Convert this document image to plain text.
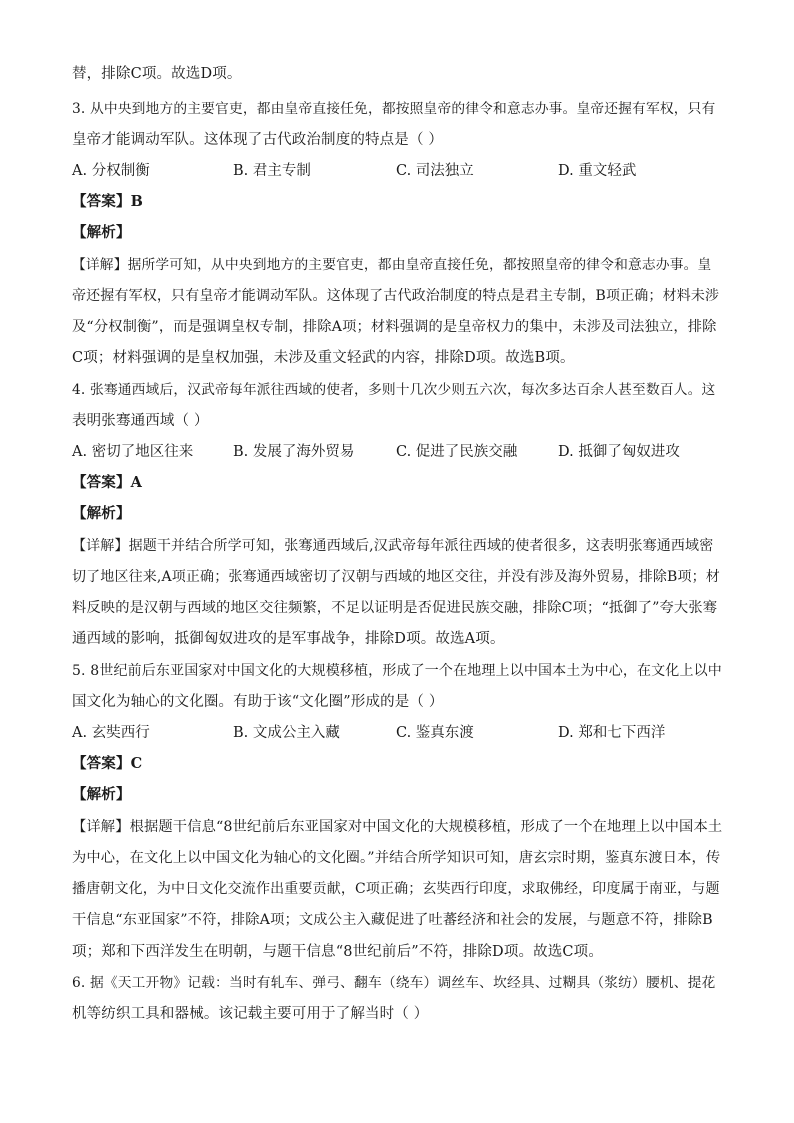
替，排除C项。故选D项。
3. 从中央到地方的主要官吏，都由皇帝直接任免，都按照皇帝的律令和意志办事。皇帝还握有军权，只有
皇帝才能调动军队。这体现了古代政治制度的特点是（ ）
A. 分权制衡	B. 君主专制	C. 司法独立	D. 重文轻武
【答案】B
【解析】
【详解】据所学可知，从中央到地方的主要官吏，都由皇帝直接任免，都按照皇帝的律令和意志办事。皇
帝还握有军权，只有皇帝才能调动军队。这体现了古代政治制度的特点是君主专制，B项正确；材料未涉
及“分权制衡”，而是强调皇权专制，排除A项；材料强调的是皇帝权力的集中，未涉及司法独立，排除
C项；材料强调的是皇权加强，未涉及重文轻武的内容，排除D项。故选B项。
4. 张骞通西域后，汉武帝每年派往西域的使者，多则十几次少则五六次，每次多达百余人甚至数百人。这
表明张骞通西域（ ）
A. 密切了地区往来	B. 发展了海外贸易	C. 促进了民族交融	D. 抵御了匈奴进攻
【答案】A
【解析】
【详解】据题干并结合所学可知，张骞通西域后,汉武帝每年派往西域的使者很多，这表明张骞通西域密
切了地区往来,A项正确；张骞通西域密切了汉朝与西域的地区交往，并没有涉及海外贸易，排除B项；材
料反映的是汉朝与西域的地区交往频繁，不足以证明是否促进民族交融，排除C项；“抵御了”夸大张骞
通西域的影响，抵御匈奴进攻的是军事战争，排除D项。故选A项。
5. 8世纪前后东亚国家对中国文化的大规模移植，形成了一个在地理上以中国本土为中心，在文化上以中
国文化为轴心的文化圈。有助于该“文化圈”形成的是（ ）
A. 玄奘西行	B. 文成公主入藏	C. 鉴真东渡	D. 郑和七下西洋
【答案】C
【解析】
【详解】根据题干信息“8世纪前后东亚国家对中国文化的大规模移植，形成了一个在地理上以中国本土
为中心，在文化上以中国文化为轴心的文化圈。”并结合所学知识可知，唐玄宗时期，鉴真东渡日本，传
播唐朝文化，为中日文化交流作出重要贡献，C项正确；玄奘西行印度，求取佛经，印度属于南亚，与题
干信息“东亚国家”不符，排除A项；文成公主入藏促进了吐蕃经济和社会的发展，与题意不符，排除B
项；郑和下西洋发生在明朝，与题干信息“8世纪前后”不符，排除D项。故选C项。
6. 据《天工开物》记载：当时有轧车、弹弓、翻车（绕车）调丝车、坎经具、过糊具（浆纺）腰机、提花
机等纺织工具和器械。该记载主要可用于了解当时（ ）
